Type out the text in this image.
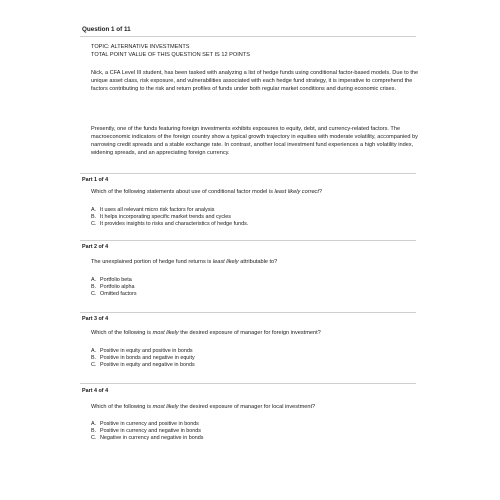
Question 1 of 11
TOPIC: ALTERNATIVE INVESTMENTS
TOTAL POINT VALUE OF THIS QUESTION SET IS 12 POINTS
Nick, a CFA Level III student, has been tasked with analyzing a list of hedge funds using conditional factor-based models. Due to the unique asset class, risk exposure, and vulnerabilities associated with each hedge fund strategy, it is imperative to comprehend the factors contributing to the risk and return profiles of funds under both regular market conditions and during economic crises.
Presently, one of the funds featuring foreign investments exhibits exposures to equity, debt, and currency-related factors. The macroeconomic indicators of the foreign country show a typical growth trajectory in equities with moderate volatility, accompanied by narrowing credit spreads and a stable exchange rate. In contrast, another local investment fund experiences a high volatility index, widening spreads, and an appreciating foreign currency.
Part 1 of 4
Which of the following statements about use of conditional factor model is least likely correct?
A. It uses all relevant micro risk factors for analysis
B. It helps incorporating specific market trends and cycles
C. It provides insights to risks and characteristics of hedge funds.
Part 2 of 4
The unexplained portion of hedge fund returns is least likely attributable to?
A. Portfolio beta
B. Portfolio alpha
C. Omitted factors
Part 3 of 4
Which of the following is most likely the desired exposure of manager for foreign investment?
A. Positive in equity and positive in bonds
B. Positive in bonds and negative in equity
C. Positive in equity and negative in bonds
Part 4 of 4
Which of the following is most likely the desired exposure of manager for local investment?
A. Positive in currency and positive in bonds
B. Positive in currency and negative in bonds
C. Negative in currency and negative in bonds
